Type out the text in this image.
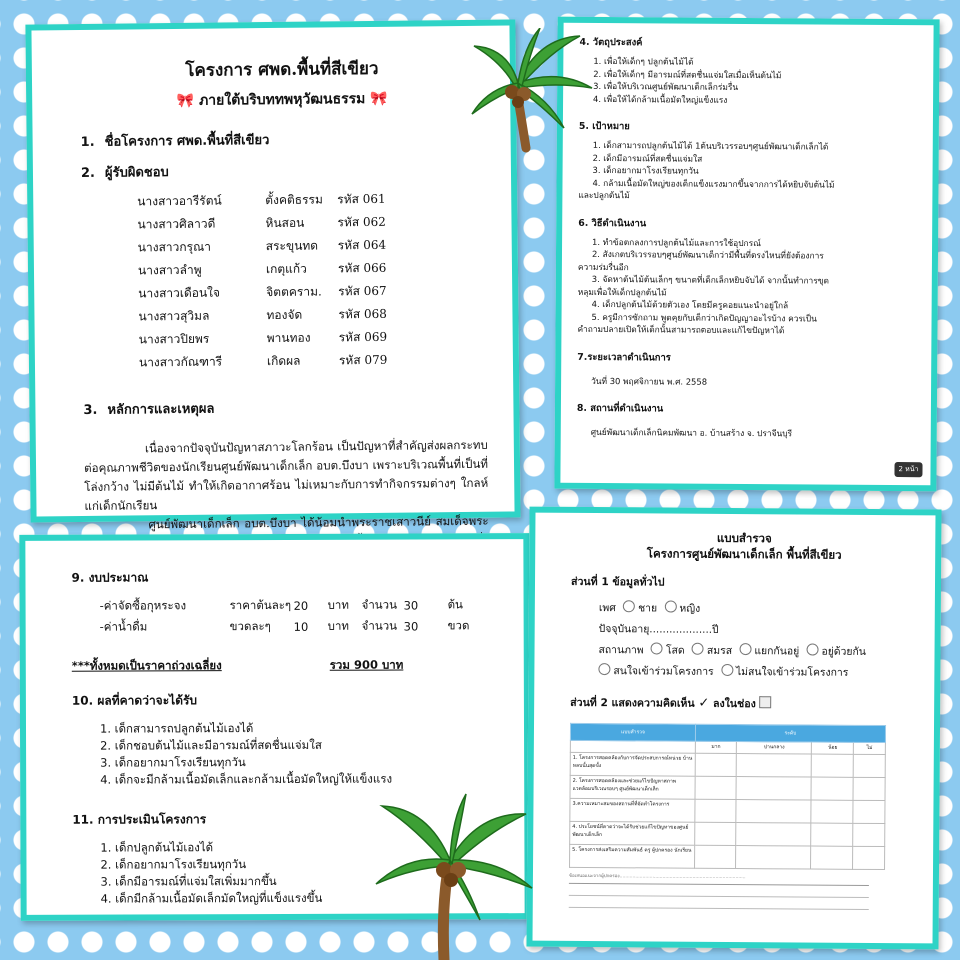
โครงการ ศพด.พื้นที่สีเขียว
🎀 ภายใต้บริบททพหุวัฒนธรรม 🎀
1. ชื่อโครงการ ศพด.พื้นที่สีเขียว
2. ผู้รับผิดชอบ
นางสาวอารีรัตน์	ตั้งคติธรรม	รหัส 061
นางสาวศิลาวดี	หินสอน	รหัส 062
นางสาวกรุณา	สระขุนทด	รหัส 064
นางสาวลำพู	เกตุแก้ว	รหัส 066
นางสาวเดือนใจ	จิตตคราม.	รหัส 067
นางสาวสุวิมล	ทองจัด	รหัส 068
นางสาวปิยพร	พานทอง	รหัส 069
นางสาวกัณฑารี	เกิดผล	รหัส 079
3. หลักการและเหตุผล

เนื่องจากปัจจุบันปัญหาสภาวะโลกร้อน เป็นปัญหาที่สำคัญส่งผลกระทบต่อคุณภาพชีวิตของนักเรียนศูนย์พัฒนาเด็กเล็ก อบต.บึงบา เพราะบริเวณพื้นที่เป็นที่โล่งกว้าง ไม่มีต้นไม้ ทำให้เกิดอากาศร้อน ไม่เหมาะกับการทำกิจกรรมต่างๆ ใกลห์แก่เด็กนักเรียน

ศูนย์พัฒนาเด็กเล็ก อบต.บึงบา ได้น้อมนำพระราชเสาวนีย์ สมเด็จพระเจ้าฯ

4. วัตถุประสงค์
1. เพื่อให้เด็กๆ ปลูกต้นไม้ได้
2. เพื่อให้เด็กๆ มีอารมณ์ที่สดชื่นแจ่มใสเมื่อเห็นต้นไม้
3. เพื่อให้บริเวณศูนย์พัฒนาเด็กเล็กร่มรื่น
4. เพื่อให้ได้กล้ามเนื้อมัดใหญ่แข็งแรง
5. เป้าหมาย
1. เด็กสามารถปลูกต้นไม้ได้ 1ต้นบริเวรรอบๆศูนย์พัฒนาเด็กเล็กได้
2. เด็กมีอารมณ์ที่สดชื่นแจ่มใส
3. เด็กอยากมาโรงเรียนทุกวัน
4. กล้ามเนื้อมัดใหญ่ของเด็กแข็งแรงมากขึ้นจากการได้หยิบจับต้นไม้
และปลูกต้นไม้
6. วิธีดำเนินงาน
1. ทำข้อตกลงการปลูกต้นไม้และการใช้อุปกรณ์
2. สังเกตบริเวรรอบๆศูนย์พัฒนาเด็กว่ามีพื้นที่ตรงไหนที่ยังต้องการ
ความร่มรื่นอีก
3. จัดหาต้นไม้ต้นเล็กๆ ขนาดที่เด็กเล็กหยิบจับได้ จากนั้นทำการขุด
หลุมเพื่อให้เด็กปลูกต้นไม้
4. เด็กปลูกต้นไม้ด้วยตัวเอง โดยมีครูคอยแนะนำอยู่ใกล้
5. ครูมีการซักถาม พูดคุยกับเด็กว่าเกิดปัญญาอะไรบ้าง ควรเป็น
คำถามปลายเปิดให้เด็กนั้นสามารถตอบและแก้ไขปัญหาได้
7.ระยะเวลาดำเนินการ
วันที่ 30 พฤศจิกายน พ.ศ. 2558
8. สถานที่ดำเนินงาน
ศูนย์พัฒนาเด็กเล็กนิคมพัฒนา อ. บ้านสร้าง จ. ปราจีนบุรี
2 หน้า
9. งบประมาณ
-ค่าจัดซื้อกุหระจง	ราคาต้นละๆ	20	บาท	จำนวน	30	ต้น
-ค่าน้ำดื่ม	ขวดละๆ	10	บาท	จำนวน	30	ขวด
***ทั้งหมดเป็นราคาถ่วงเฉลี่ยง	รวม 900 บาท
10. ผลที่คาดว่าจะได้รับ
1. เด็กสามารถปลูกต้นไม้เองได้
2. เด็กชอบต้นไม้และมีอารมณ์ที่สดชื่นแจ่มใส
3. เด็กอยากมาโรงเรียนทุกวัน
4. เด็กจะมีกล้ามเนื้อมัดเล็กและกล้ามเนื้อมัดใหญ่ให้แข็งแรง
11. การประเมินโครงการ
1. เด็กปลูกต้นไม้เองได้
2. เด็กอยากมาโรงเรียนทุกวัน
3. เด็กมีอารมณ์ที่แจ่มใสเพิ่มมากขึ้น
4. เด็กมีกล้ามเนื้อมัดเล็กมัดใหญ่ที่แข็งแรงขึ้น
แบบสำรวจ
โครงการศูนย์พัฒนาเด็กเล็ก พื้นที่สีเขียว
ส่วนที่ 1 ข้อมูลทั่วไป
เพศ ชาย หญิง
ปัจจุบันอายุ...................ปี
สถานภาพ โสด สมรส แยกกันอยู่ อยู่ด้วยกัน
สนใจเข้าร่วมโครงการ ไม่สนใจเข้าร่วมโครงการ
ส่วนที่ 2 แสดงความคิดเห็น ✓ ลงในช่อง
แบบสำรวจ	ระดับ			
	มาก	ปานกลาง	น้อย	ไม่
1. โครงการสอดคล้องกับการจัดประสบการณ์หน่วย บ้านหลบนั้นสุดขั้ง				
2. โครงการสอดคล้องและช่วยแก้ไขปัญหาสภาพแวดล้อมบริเวณรอบๆ ศูนย์พัฒนาเด็กเล็ก				
3.ความเหมาะสมของสถานที่ที่จัดทำโครงการ				
4. ประโยชน์ที่คาดว่าจะได้รับช่วยแก้ไขปัญหาของศูนย์พัฒนาเด็กเล็ก				
5. โครงการส่งเสริมความสัมพันธ์ ครู ผู้ปกครอง นักเรียน				
ข้อเสนอแนะจากผู้ปกครอง........................................................................................
